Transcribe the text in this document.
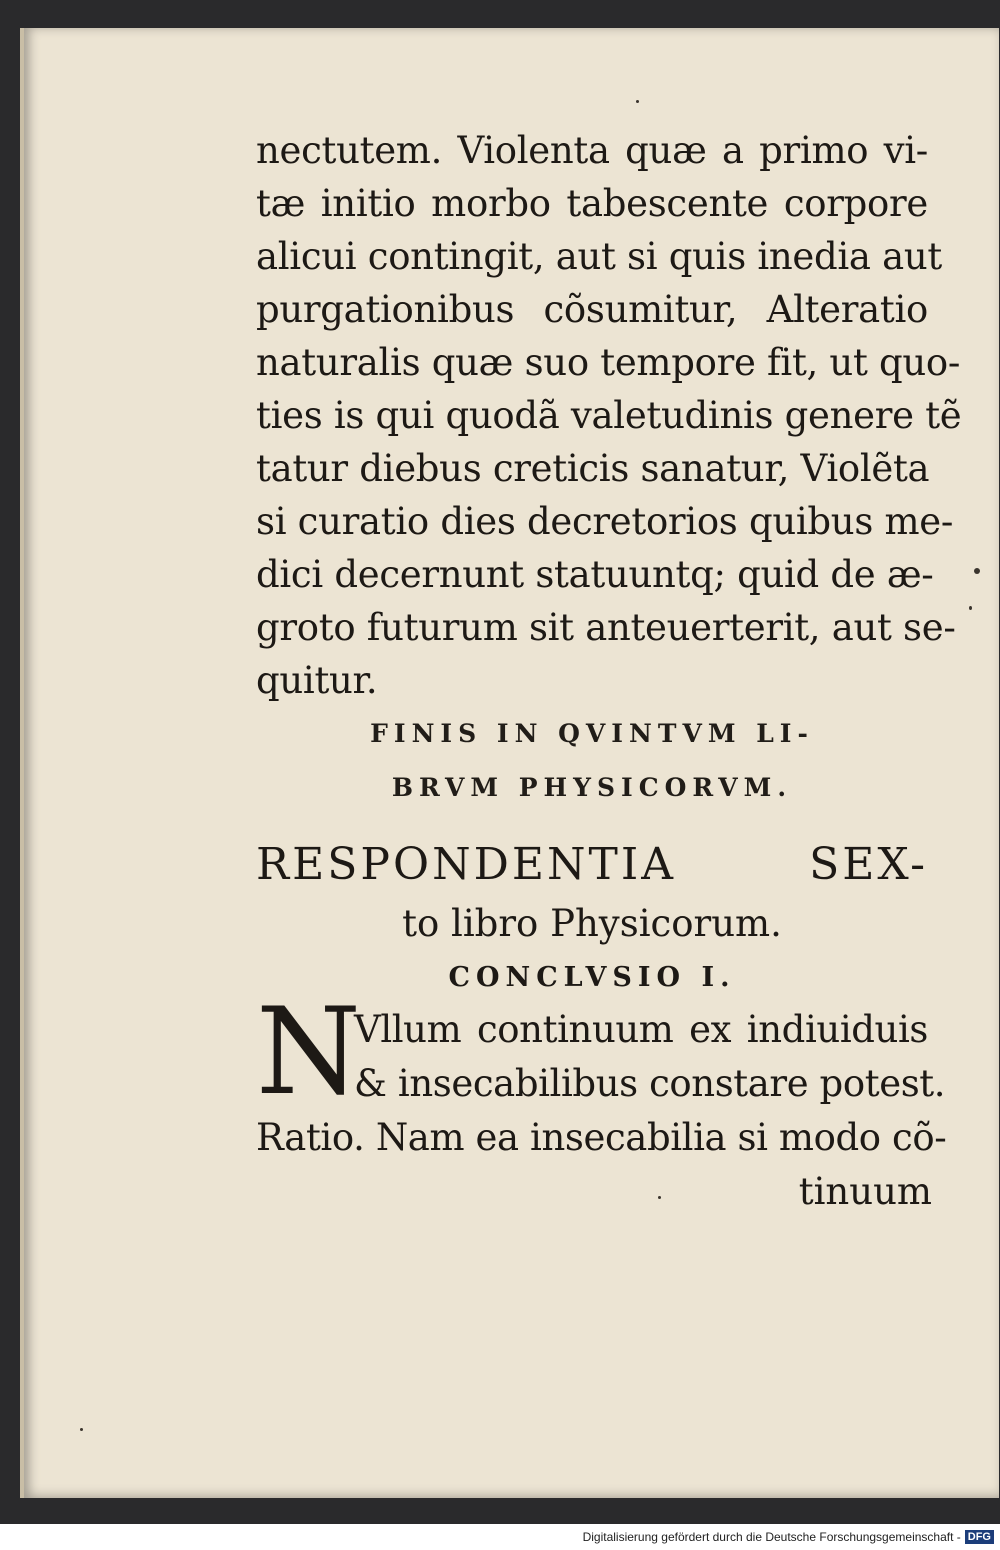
nectutem. Violenta quæ a primo vi-
tæ initio morbo tabescente corpore
alicui contingit, aut si quis inedia aut
purgationibus cõsumitur, Alteratio
naturalis quæ suo tempore fit, ut quo-
ties is qui quodã valetudinis genere tẽ
tatur diebus creticis sanatur, Violẽta
si curatio dies decretorios quibus me-
dici decernunt statuuntq; quid de æ-
groto futurum sit anteuerterit, aut se-
quitur.
FINIS IN QVINTVM LI-
BRVM PHYSICORVM.
RESPONDENTIA SEX-
to libro Physicorum.
CONCLVSIO I.
N
Vllum continuum ex indiuiduis
& insecabilibus constare potest.
Ratio. Nam ea insecabilia si modo cõ-
tinuum
Digitalisierung gefördert durch die Deutsche Forschungsgemeinschaft - DFG
